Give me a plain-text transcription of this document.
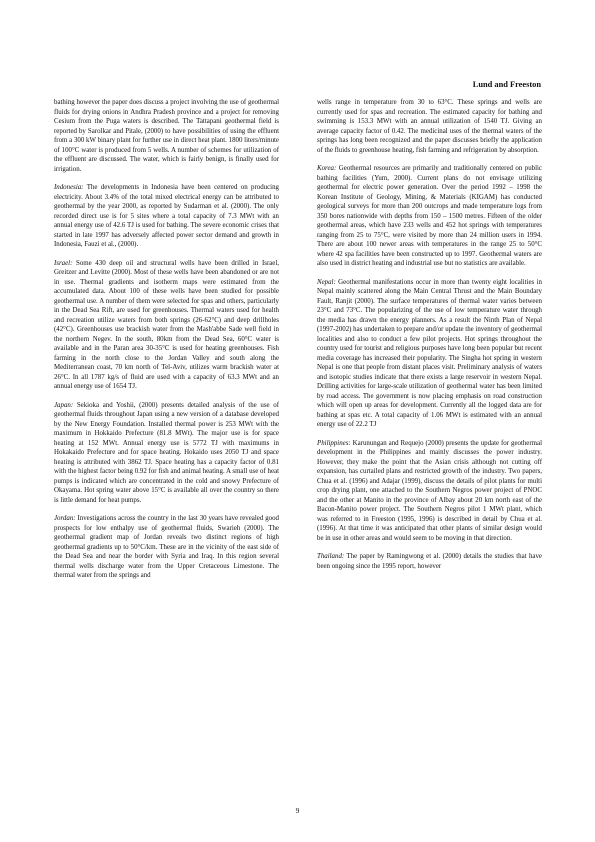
Lund and Freeston

bathing however the paper does discuss a project involving the use of geothermal fluids for drying onions in Andhra Pradesh province and a project for removing Cesium from the Puga waters is described. The Tattapani geothermal field is reported by Sarolkar and Pitale, (2000) to have possibilities of using the effluent from a 300 kW binary plant for further use in direct heat plant. 1800 liters/minute of 100°C water is produced from 5 wells. A number of schemes for utilization of the effluent are discussed. The water, which is fairly benign, is finally used for irrigation.

Indonesia: The developments in Indonesia have been centered on producing electricity. About 3.4% of the total mixed electrical energy can be attributed to geothermal by the year 2000, as reported by Sudarman et al. (2000). The only recorded direct use is for 5 sites where a total capacity of 7.3 MWt with an annual energy use of 42.6 TJ is used for bathing. The severe economic crises that started in late 1997 has adversely affected power sector demand and growth in Indonesia, Fauzi et al., (2000).

Israel: Some 430 deep oil and structural wells have been drilled in Israel, Greitzer and Levitte (2000). Most of these wells have been abandoned or are not in use. Thermal gradients and isotherm maps were estimated from the accumulated data. About 100 of these wells have been studied for possible geothermal use. A number of them were selected for spas and others, particularly in the Dead Sea Rift, are used for greenhouses. Thermal waters used for health and recreation utilize waters from both springs (26-62°C) and deep drillholes (42°C). Greenhouses use brackish water from the Mash'abbe Sade well field in the northern Negev. In the south, 80km from the Dead Sea, 60°C water is available and in the Paran area 30-35°C is used for heating greenhouses. Fish farming in the north close to the Jordan Valley and south along the Mediterranean coast, 70 km north of Tel-Aviv, utilizes warm brackish water at 26°C. In all 1787 kg/s of fluid are used with a capacity of 63.3 MWt and an annual energy use of 1654 TJ.

Japan: Sekioka and Yoshii, (2000) presents detailed analysis of the use of geothermal fluids throughout Japan using a new version of a database developed by the New Energy Foundation. Installed thermal power is 253 MWt with the maximum in Hokkaido Prefecture (81.8 MWt). The major use is for space heating at 152 MWt. Annual energy use is 5772 TJ with maximums in Hokakaido Prefecture and for space heating. Hokaido uses 2050 TJ and space heating is attributed with 3862 TJ. Space heating has a capacity factor of 0.81 with the highest factor being 0.92 for fish and animal heating. A small use of heat pumps is indicated which are concentrated in the cold and snowy Prefecture of Okayama. Hot spring water above 15°C is available all over the country so there is little demand for heat pumps.

Jordan: Investigations across the country in the last 30 years have revealed good prospects for low enthalpy use of geothermal fluids, Swarieh (2000). The geothermal gradient map of Jordan reveals two distinct regions of high geothermal gradients up to 50°C/km. These are in the vicinity of the east side of the Dead Sea and near the border with Syria and Iraq. In this region several thermal wells discharge water from the Upper Cretaceous Limestone. The thermal water from the springs and

wells range in temperature from 30 to 63°C. These springs and wells are currently used for spas and recreation. The estimated capacity for bathing and swimming is 153.3 MWt with an annual utilization of 1540 TJ. Giving an average capacity factor of 0.42. The medicinal uses of the thermal waters of the springs has long been recognized and the paper discusses briefly the application of the fluids to greenhouse heating, fish farming and refrigeration by absorption.

Korea: Geothermal resources are primarily and traditionally centered on public bathing facilities (Yum, 2000). Current plans do not envisage utilizing geothermal for electric power generation. Over the period 1992 – 1998 the Korean Institute of Geology, Mining, & Materials (KIGAM) has conducted geological surveys for more than 200 outcrops and made temperature logs from 350 bores nationwide with depths from 150 – 1500 metres. Fifteen of the older geothermal areas, which have 233 wells and 452 hot springs with temperatures ranging from 25 to 75°C, were visited by more than 24 million users in 1994. There are about 100 newer areas with temperatures in the range 25 to 50°C where 42 spa facilities have been constructed up to 1997. Geothermal waters are also used in district heating and industrial use but no statistics are available.

Nepal: Geothermal manifestations occur in more than twenty eight localities in Nepal mainly scattered along the Main Central Thrust and the Main Boundary Fault, Ranjit (2000). The surface temperatures of thermal water varies between 23°C and 73°C. The popularizing of the use of low temperature water through the media has drawn the energy planners. As a result the Ninth Plan of Nepal (1997-2002) has undertaken to prepare and/or update the inventory of geothermal localities and also to conduct a few pilot projects. Hot springs throughout the country used for tourist and religious purposes have long been popular but recent media coverage has increased their popularity. The Singha hot spring in western Nepal is one that people from distant places visit. Preliminary analysis of waters and isotopic studies indicate that there exists a large reservoir in western Nepal. Drilling activities for large-scale utilization of geothermal water has been limited by road access. The government is now placing emphasis on road construction which will open up areas for development. Currently all the logged data are for bathing at spas etc. A total capacity of 1.06 MWt is estimated with an annual energy use of 22.2 TJ

Philippines: Karunungan and Requejo (2000) presents the update for geothermal development in the Philippines and mainly discusses the power industry. However, they make the point that the Asian crisis although not cutting off expansion, has curtailed plans and restricted growth of the industry. Two papers, Chua et al. (1996) and Adajar (1999), discuss the details of pilot plants for multi crop drying plant, one attached to the Southern Negros power project of PNOC and the other at Manito in the province of Albay about 20 km north east of the Bacon-Manito power project. The Southern Negros pilot 1 MWt plant, which was referred to in Freeston (1995, 1996) is described in detail by Chua et al. (1996). At that time it was anticipated that other plants of similar design would be in use in other areas and would seem to be moving in that direction.

Thailand: The paper by Ramingwong et al. (2000) details the studies that have been ongoing since the 1995 report, however

9
